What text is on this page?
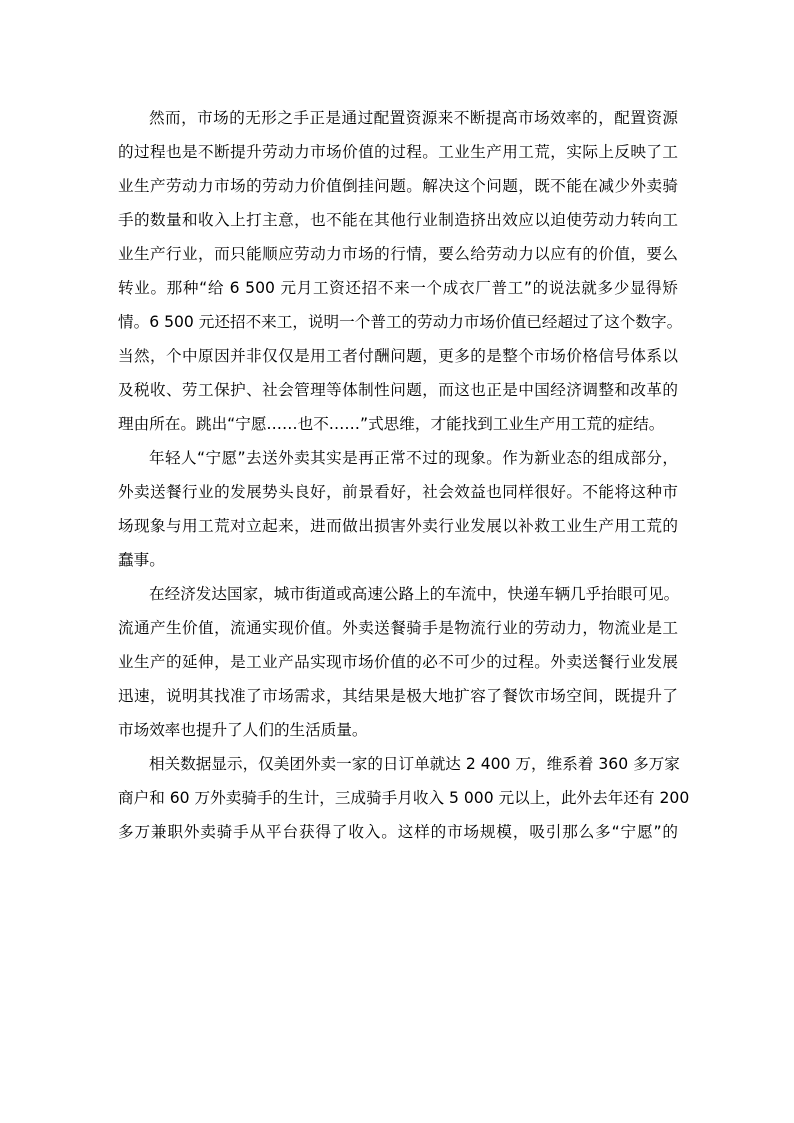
然而，市场的无形之手正是通过配置资源来不断提高市场效率的，配置资源
的过程也是不断提升劳动力市场价值的过程。工业生产用工荒，实际上反映了工
业生产劳动力市场的劳动力价值倒挂问题。解决这个问题，既不能在减少外卖骑
手的数量和收入上打主意，也不能在其他行业制造挤出效应以迫使劳动力转向工
业生产行业，而只能顺应劳动力市场的行情，要么给劳动力以应有的价值，要么
转业。那种“给 6 500 元月工资还招不来一个成衣厂普工”的说法就多少显得矫
情。6 500 元还招不来工，说明一个普工的劳动力市场价值已经超过了这个数字。
当然，个中原因并非仅仅是用工者付酬问题，更多的是整个市场价格信号体系以
及税收、劳工保护、社会管理等体制性问题，而这也正是中国经济调整和改革的
理由所在。跳出“宁愿……也不……”式思维，才能找到工业生产用工荒的症结。
年轻人“宁愿”去送外卖其实是再正常不过的现象。作为新业态的组成部分，
外卖送餐行业的发展势头良好，前景看好，社会效益也同样很好。不能将这种市
场现象与用工荒对立起来，进而做出损害外卖行业发展以补救工业生产用工荒的
蠢事。
在经济发达国家，城市街道或高速公路上的车流中，快递车辆几乎抬眼可见。
流通产生价值，流通实现价值。外卖送餐骑手是物流行业的劳动力，物流业是工
业生产的延伸，是工业产品实现市场价值的必不可少的过程。外卖送餐行业发展
迅速，说明其找准了市场需求，其结果是极大地扩容了餐饮市场空间，既提升了
市场效率也提升了人们的生活质量。
相关数据显示，仅美团外卖一家的日订单就达 2 400 万，维系着 360 多万家
商户和 60 万外卖骑手的生计，三成骑手月收入 5 000 元以上，此外去年还有 200
多万兼职外卖骑手从平台获得了收入。这样的市场规模，吸引那么多“宁愿”的
